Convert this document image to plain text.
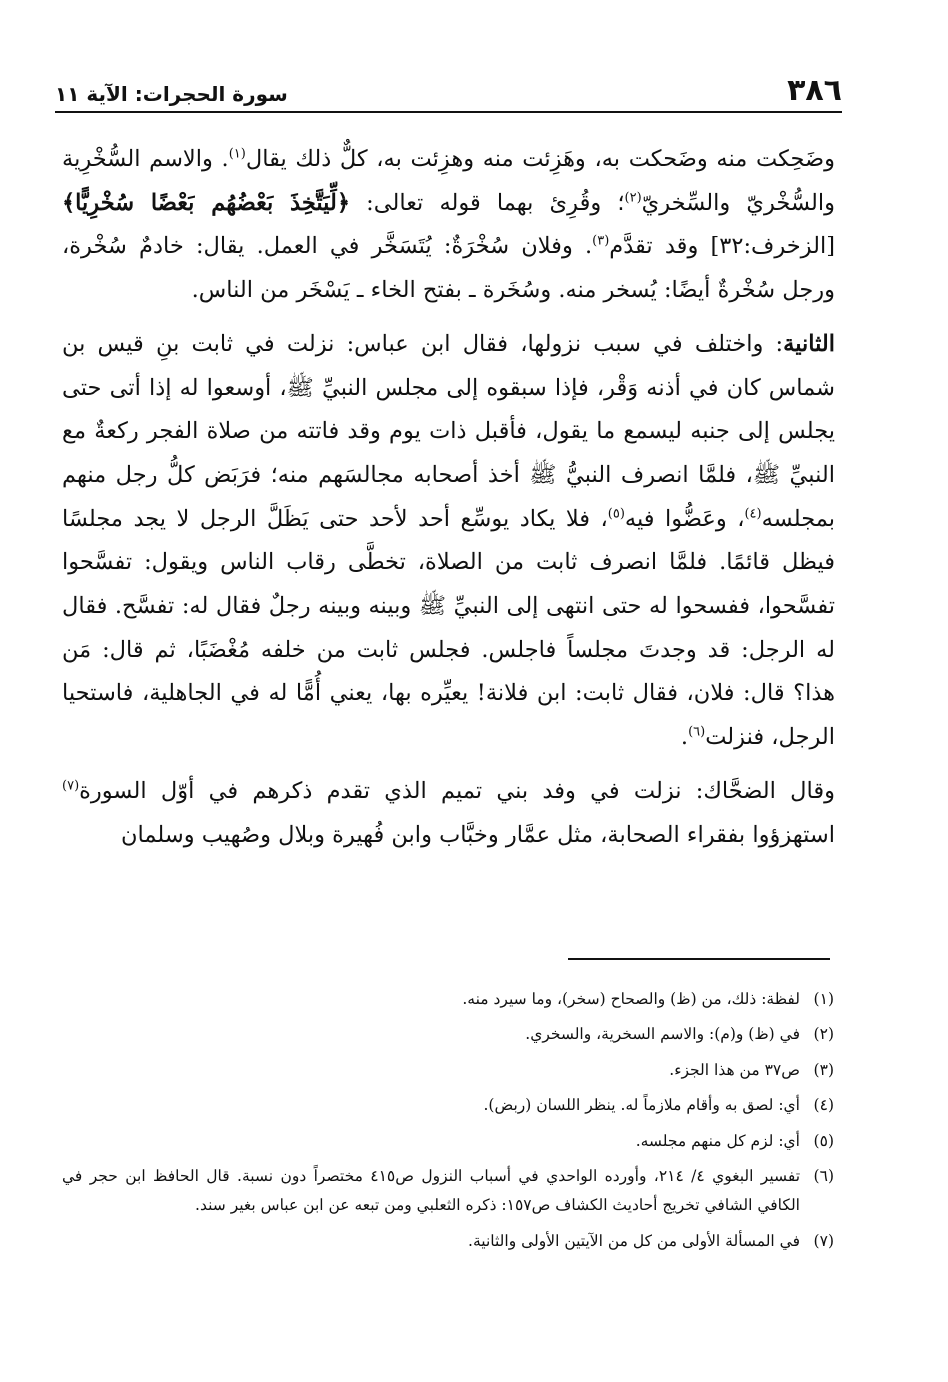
٣٨٦
سورة الحجرات: الآية ١١

وضَحِكت منه وضَحكت به، وهَزِئت منه وهزِئت به، كلٌّ ذلك يقال$^{(١)}$. والاسم السُّخْرِية والسُّخْريّ والسِّخريّ$^{(٢)}$؛ وقُرِئ بهما قوله تعالى: ﴿لِّيَتَّخِذَ بَعْضُهُم بَعْضًا سُخْرِيًّا﴾ [الزخرف:٣٢] وقد تقدَّم$^{(٣)}$. وفلان سُخْرَةٌ: يُتَسَخَّر في العمل. يقال: خادمٌ سُخْرة، ورجل سُخْرةٌ أيضًا: يُسخر منه. وسُخَرة ـ بفتح الخاء ـ يَسْخَر من الناس.

الثانية: واختلف في سبب نزولها، فقال ابن عباس: نزلت في ثابت بنِ قيس بن شماس كان في أذنه وَقْر، فإذا سبقوه إلى مجلس النبيِّ ﷺ، أوسعوا له إذا أتى حتى يجلس إلى جنبه ليسمع ما يقول، فأقبل ذات يوم وقد فاتته من صلاة الفجر ركعةٌ مع النبيِّ ﷺ، فلمَّا انصرف النبيُّ ﷺ أخذ أصحابه مجالسَهم منه؛ فرَبَض كلُّ رجل منهم بمجلسه$^{(٤)}$، وعَضُّوا فيه$^{(٥)}$، فلا يكاد يوسِّع أحد لأحد حتى يَظَلَّ الرجل لا يجد مجلسًا فيظل قائمًا. فلمَّا انصرف ثابت من الصلاة، تخطَّى رقاب الناس ويقول: تفسَّحوا تفسَّحوا، ففسحوا له حتى انتهى إلى النبيِّ ﷺ وبينه وبينه رجلٌ فقال له: تفسَّح. فقال له الرجل: قد وجدتَ مجلساً فاجلس. فجلس ثابت من خلفه مُغْضَبًا، ثم قال: مَن هذا؟ قال: فلان، فقال ثابت: ابن فلانة! يعيِّره بها، يعني أُمًّا له في الجاهلية، فاستحيا الرجل، فنزلت$^{(٦)}$.

وقال الضحَّاك: نزلت في وفد بني تميم الذي تقدم ذكرهم في أوّل السورة$^{(٧)}$ استهزؤوا بفقراء الصحابة، مثل عمَّار وخبَّاب وابن فُهيرة وبلال وصُهيب وسلمان

(١)
لفظة: ذلك، من (ظ) والصحاح (سخر)، وما سيرد منه.
(٢)
في (ظ) و(م): والاسم السخرية، والسخري.
(٣)
ص٣٧ من هذا الجزء.
(٤)
أي: لصق به وأقام ملازماً له. ينظر اللسان (ربض).
(٥)
أي: لزم كل منهم مجلسه.
(٦)
تفسير البغوي ٤/ ٢١٤، وأورده الواحدي في أسباب النزول ص٤١٥ مختصراً دون نسبة. قال الحافظ ابن حجر في الكافي الشافي تخريج أحاديث الكشاف ص١٥٧: ذكره الثعلبي ومن تبعه عن ابن عباس بغير سند.
(٧)
في المسألة الأولى من كل من الآيتين الأولى والثانية.
